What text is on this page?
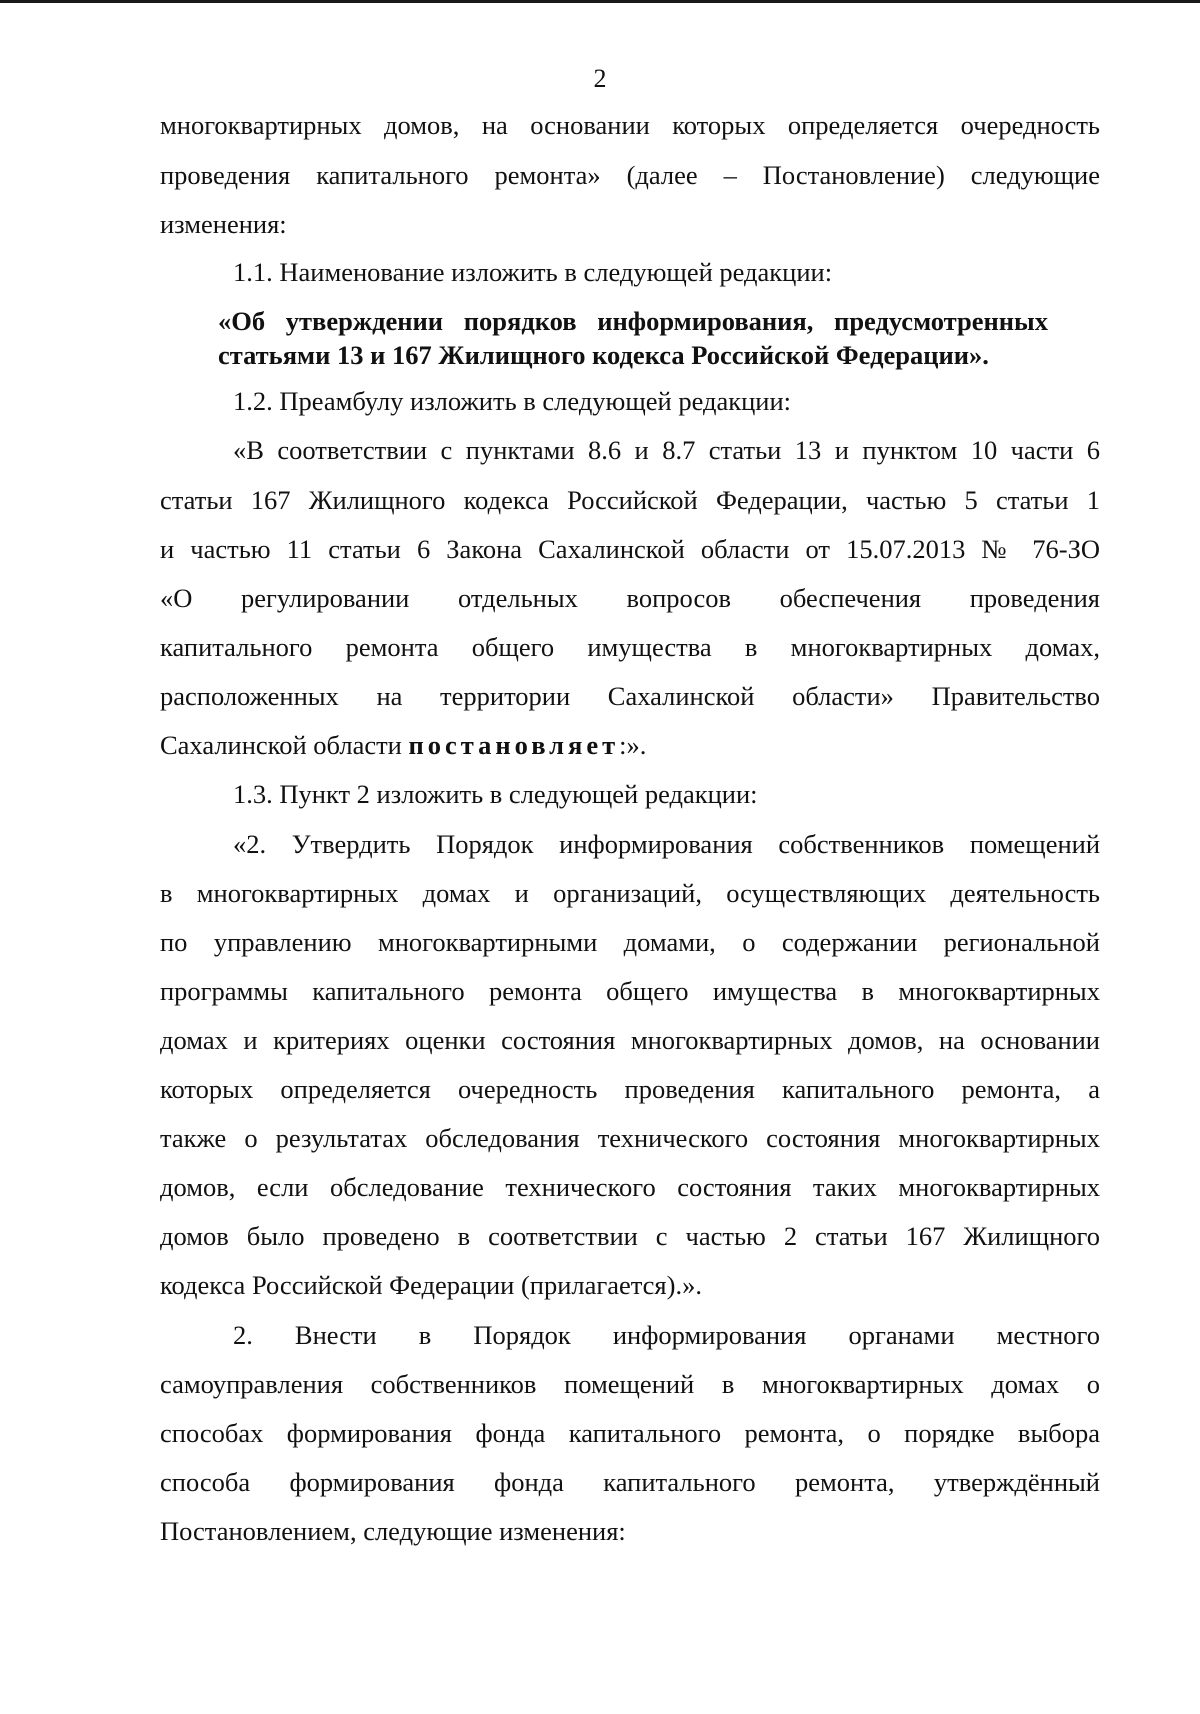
2
многоквартирных домов, на основании которых определяется очередность
проведения капитального ремонта» (далее – Постановление) следующие
изменения:
1.1. Наименование изложить в следующей редакции:
«Об утверждении порядков информирования, предусмотренных
статьями 13 и 167 Жилищного кодекса Российской Федерации».
1.2. Преамбулу изложить в следующей редакции:
«В соответствии с пунктами 8.6 и 8.7 статьи 13 и пунктом 10 части 6
статьи 167 Жилищного кодекса Российской Федерации, частью 5 статьи 1
и частью 11 статьи 6 Закона Сахалинской области от 15.07.2013 № 76-ЗО
«О регулировании отдельных вопросов обеспечения проведения
капитального ремонта общего имущества в многоквартирных домах,
расположенных на территории Сахалинской области» Правительство
Сахалинской области постановляет:».
1.3. Пункт 2 изложить в следующей редакции:
«2. Утвердить Порядок информирования собственников помещений
в многоквартирных домах и организаций, осуществляющих деятельность
по управлению многоквартирными домами, о содержании региональной
программы капитального ремонта общего имущества в многоквартирных
домах и критериях оценки состояния многоквартирных домов, на основании
которых определяется очередность проведения капитального ремонта, а
также о результатах обследования технического состояния многоквартирных
домов, если обследование технического состояния таких многоквартирных
домов было проведено в соответствии с частью 2 статьи 167 Жилищного
кодекса Российской Федерации (прилагается).».
2. Внести в Порядок информирования органами местного
самоуправления собственников помещений в многоквартирных домах о
способах формирования фонда капитального ремонта, о порядке выбора
способа формирования фонда капитального ремонта, утверждённый
Постановлением, следующие изменения:
